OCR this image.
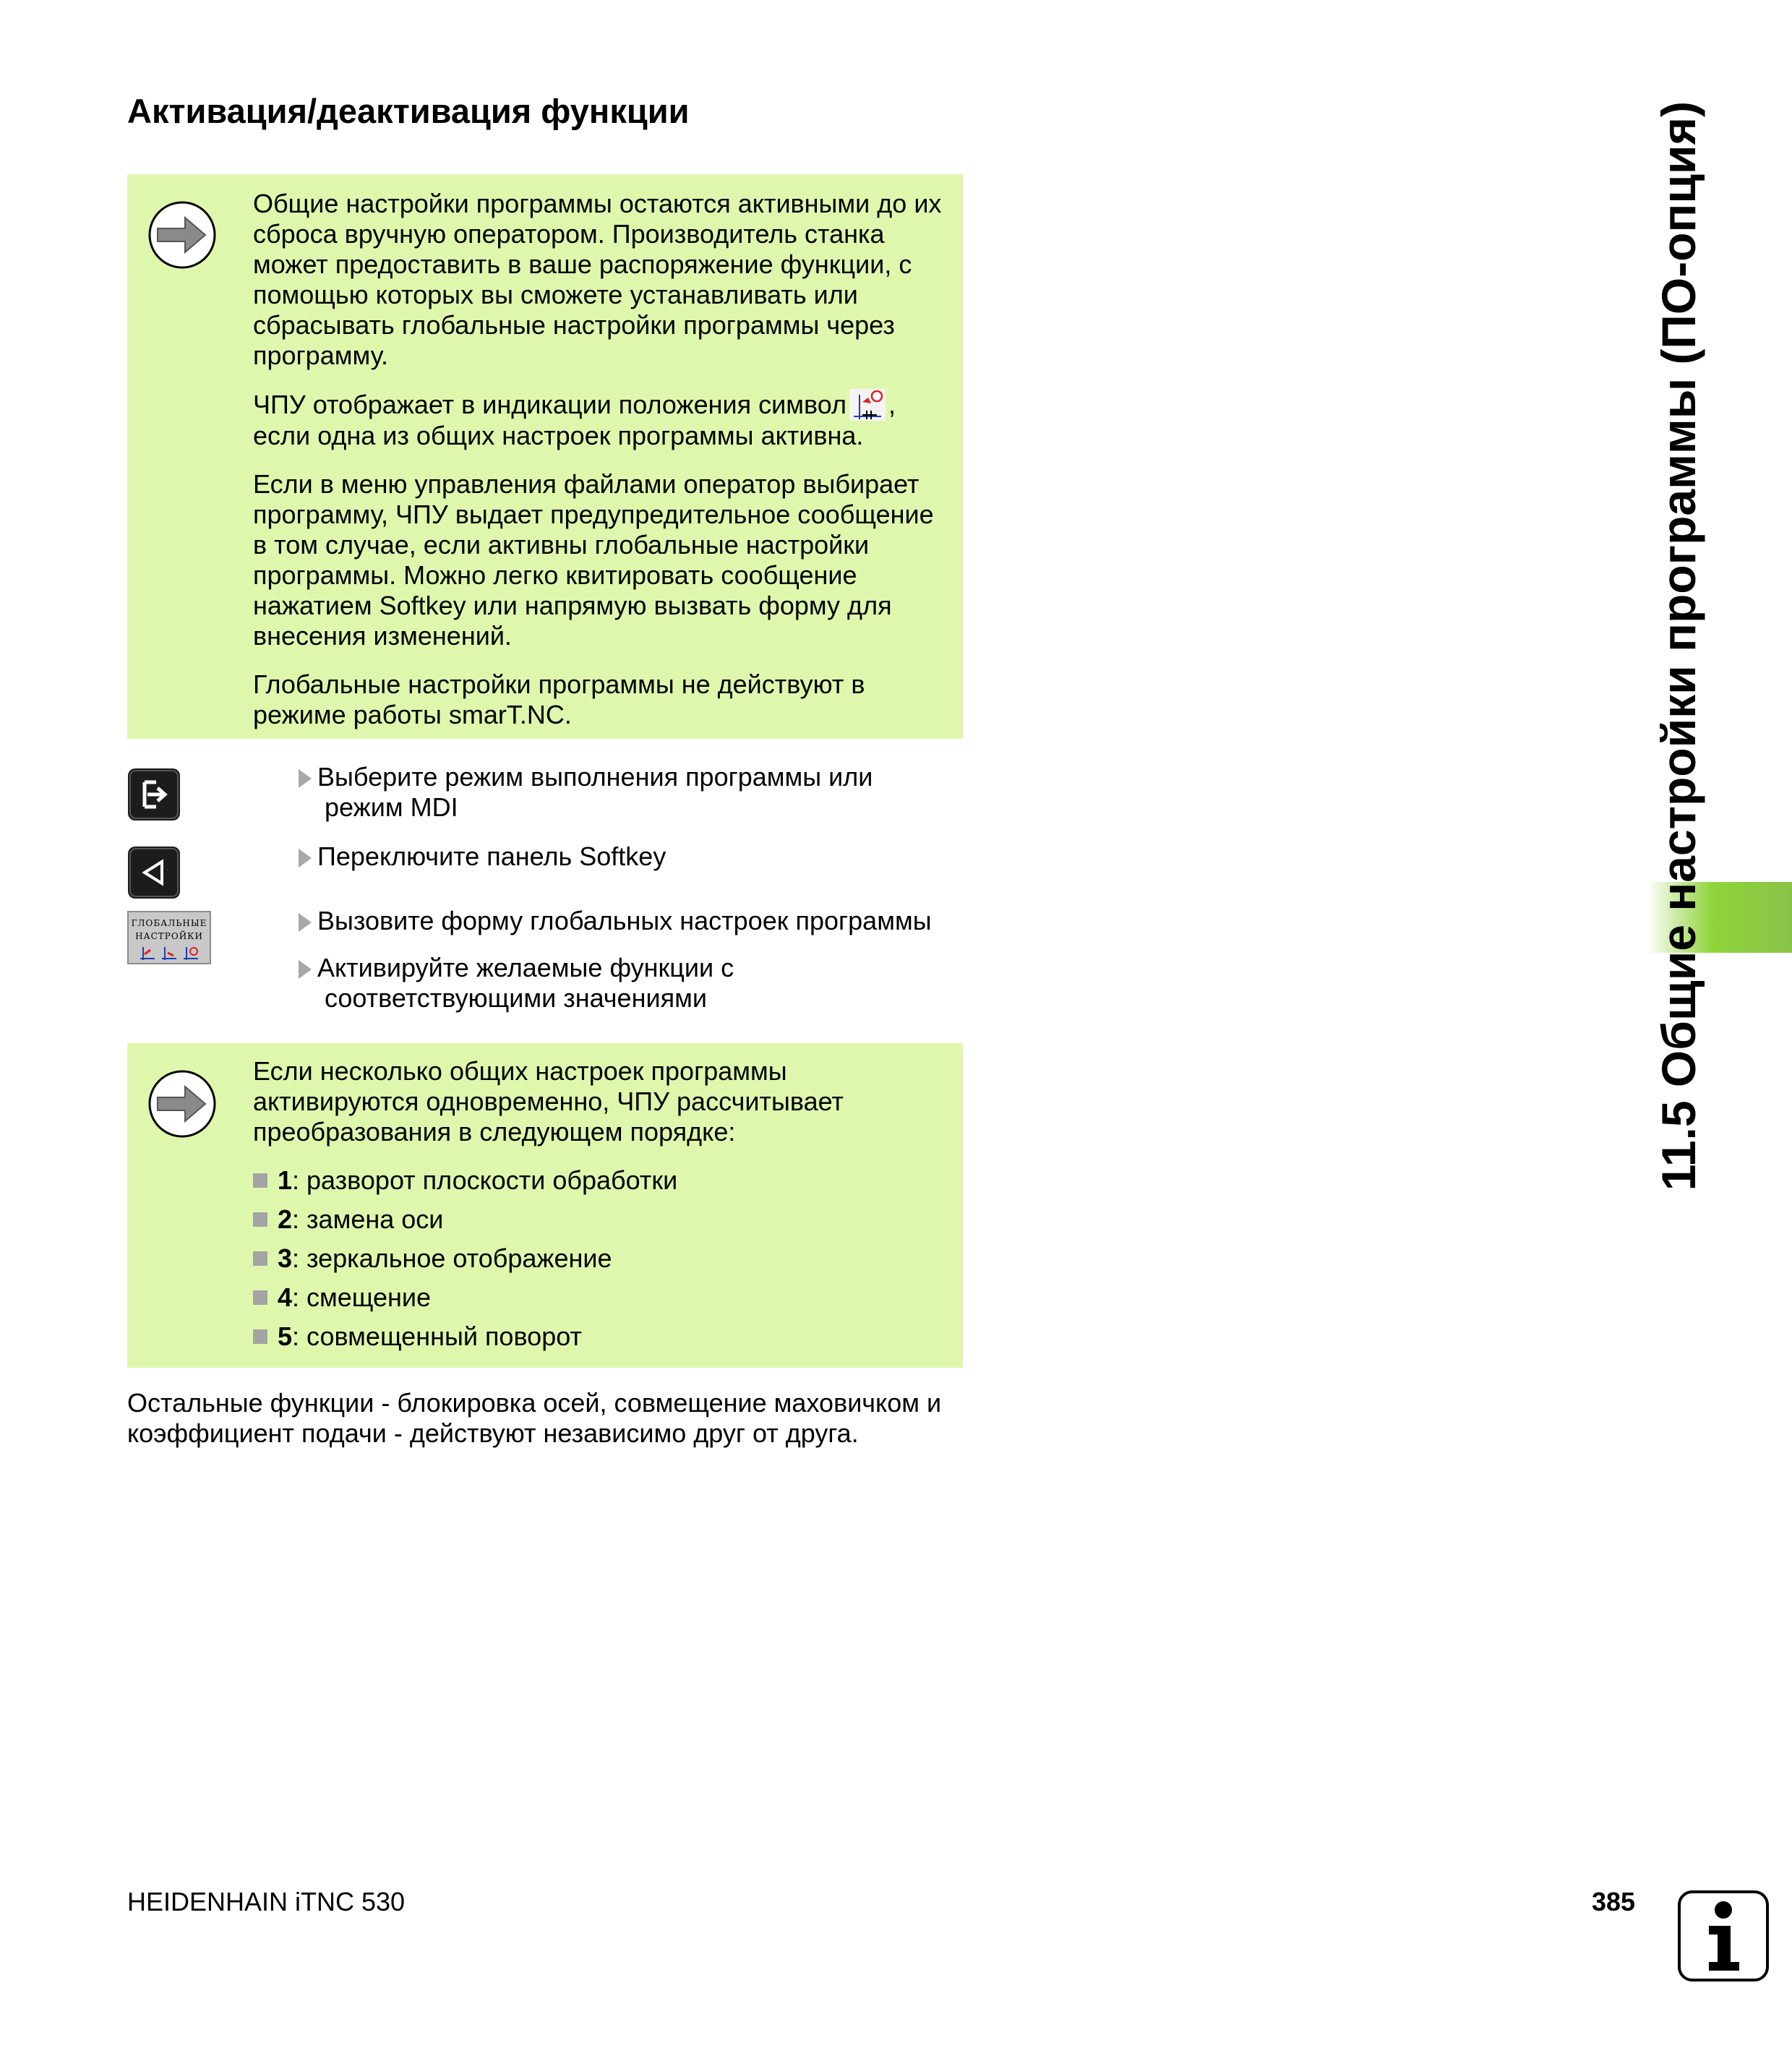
Активация/деактивация функции

Общие настройки программы остаются активными до их сброса вручную оператором. Производитель станка может предоставить в ваше распоряжение функции, с помощью которых вы сможете устанавливать или сбрасывать глобальные настройки программы через программу.

ЧПУ отображает в индикации положения символ , если одна из общих настроек программы активна.

Если в меню управления файлами оператор выбирает программу, ЧПУ выдает предупредительное сообщение в том случае, если активны глобальные настройки программы. Можно легко квитировать сообщение нажатием Softkey или напрямую вызвать форму для внесения изменений.

Глобальные настройки программы не действуют в режиме работы smarT.NC.

ГЛОБАЛЬНЫЕ
НАСТРОЙКИ
Выберите режим выполнения программы или
режим MDI
Переключите панель Softkey
Вызовите форму глобальных настроек программы
Активируйте желаемые функции с
соответствующими значениями

Если несколько общих настроек программы активируются одновременно, ЧПУ рассчитывает преобразования в следующем порядке:

1: разворот плоскости обработки
2: замена оси
3: зеркальное отображение
4: смещение
5: совмещенный поворот

Остальные функции - блокировка осей, совмещение маховичком и коэффициент подачи - действуют независимо друг от друга.

11.5 Общие настройки программы (ПО-опция)
HEIDENHAIN iTNC 530	385
